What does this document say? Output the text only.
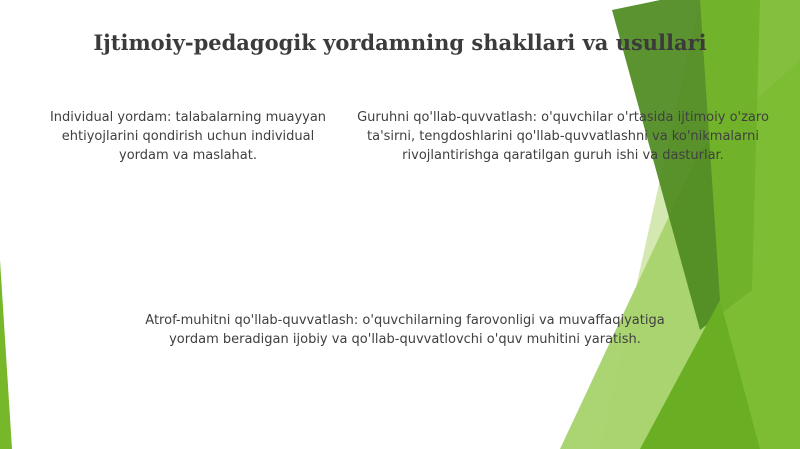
Ijtimoiy-pedagogik yordamning shakllari va usullari
Individual yordam: talabalarning muayyan ehtiyojlarini qondirish uchun individual yordam va maslahat.
Guruhni qo'llab-quvvatlash: o'quvchilar o'rtasida ijtimoiy o'zaro ta'sirni, tengdoshlarini qo'llab-quvvatlashni va ko'nikmalarni rivojlantirishga qaratilgan guruh ishi va dasturlar.
Atrof-muhitni qo'llab-quvvatlash: o'quvchilarning farovonligi va muvaffaqiyatiga yordam beradigan ijobiy va qo'llab-quvvatlovchi o'quv muhitini yaratish.
